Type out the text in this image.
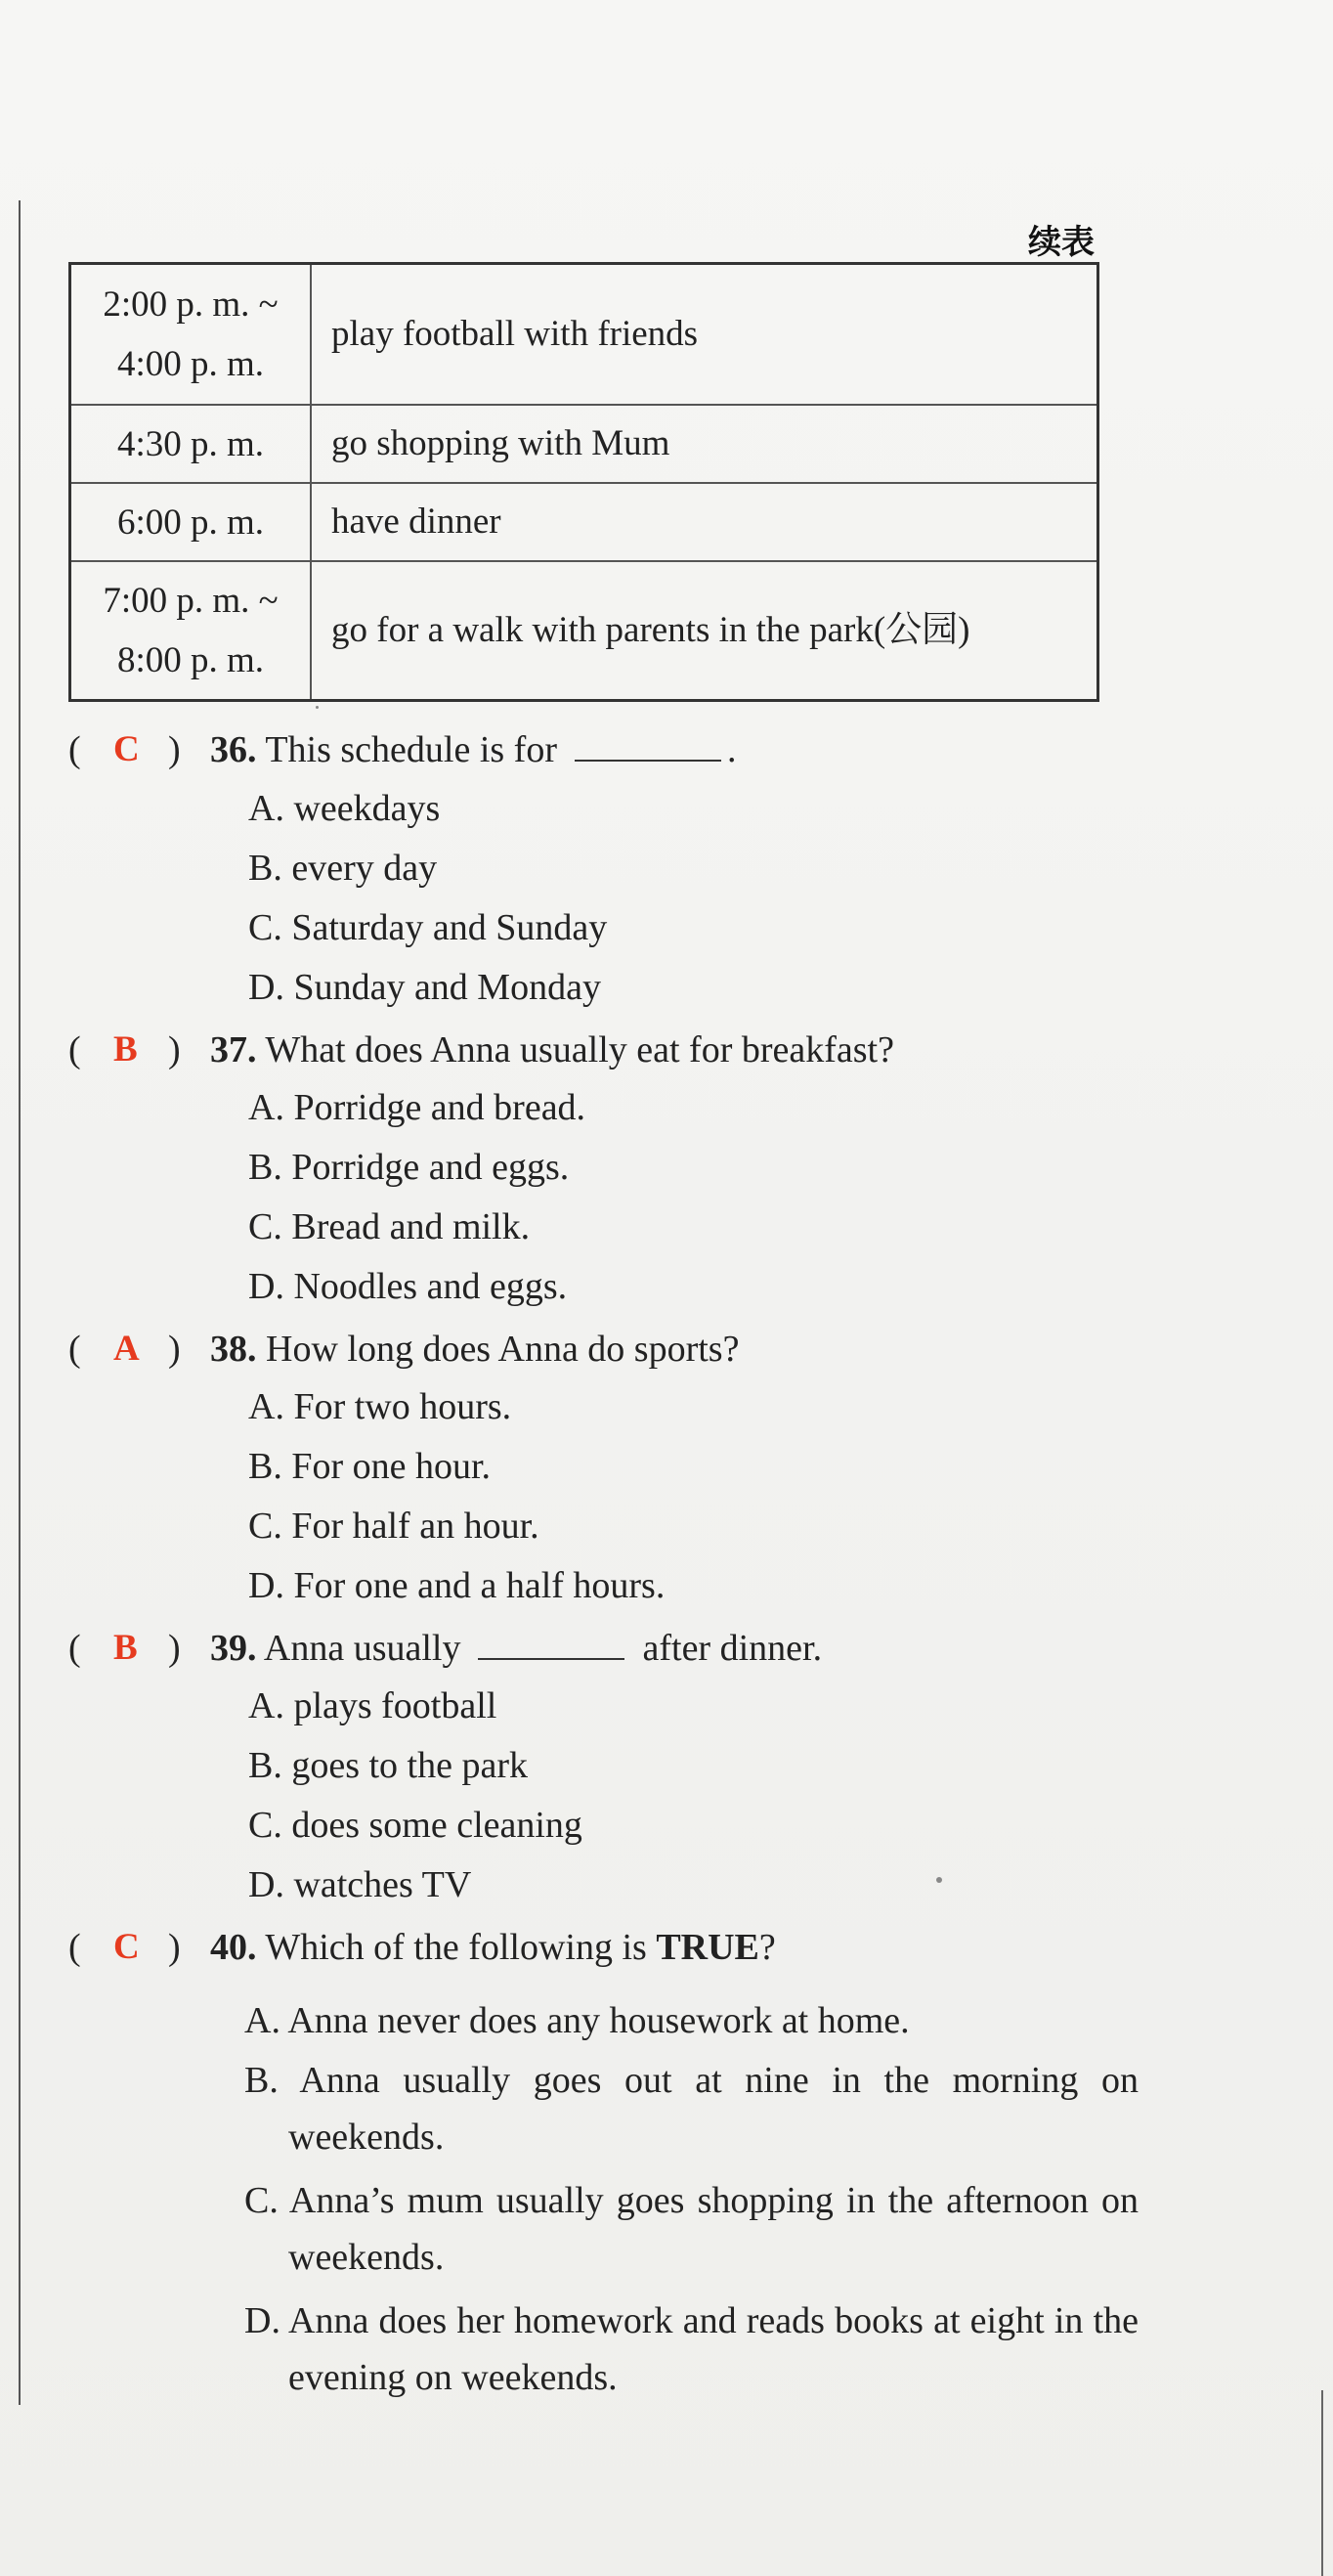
续表
2:00 p. m. ~
4:00 p. m.	play football with friends

4:30 p. m.	go shopping with Mum

6:00 p. m.	have dinner

7:00 p. m. ~
8:00 p. m.	go for a walk with parents in the park(公园)
( C ) 36. This schedule is for	.
A. weekdays
B. every day
C. Saturday and Sunday
D. Sunday and Monday
( B ) 37. What does Anna usually eat for breakfast?
A. Porridge and bread.
B. Porridge and eggs.
C. Bread and milk.
D. Noodles and eggs.
( A ) 38. How long does Anna do sports?
A. For two hours.
B. For one hour.
C. For half an hour.
D. For one and a half hours.
( B ) 39. Anna usually	after dinner.
A. plays football
B. goes to the park
C. does some cleaning
D. watches TV
( C ) 40. Which of the following is TRUE?
A. Anna never does any housework at home.
B. Anna usually goes out at nine in the morning on weekends.
C. Anna’s mum usually goes shopping in the afternoon on weekends.
D. Anna does her homework and reads books at eight in the evening on weekends.
